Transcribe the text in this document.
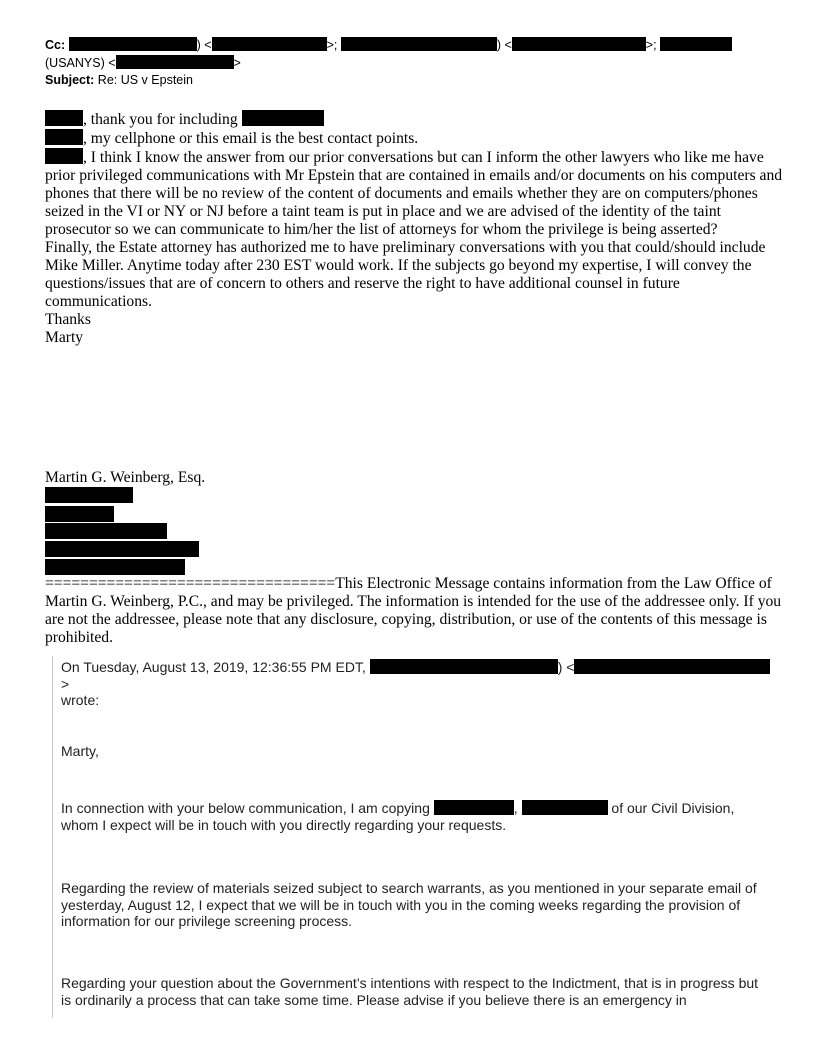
Cc:	) <	>;	) <	>;
(USANYS) <	>
Subject: Re: US v Epstein

, thank you for including

, my cellphone or this email is the best contact points.

, I think I know the answer from our prior conversations but can I inform the other lawyers who like me have prior privileged communications with Mr Epstein that are contained in emails and/or documents on his computers and phones that there will be no review of the content of documents and emails whether they are on computers/phones seized in the VI or NY or NJ before a taint team is put in place and we are advised of the identity of the taint prosecutor so we can communicate to him/her the list of attorneys for whom the privilege is being asserted?

Finally, the Estate attorney has authorized me to have preliminary conversations with you that could/should include Mike Miller. Anytime today after 230 EST would work. If the subjects go beyond my expertise, I will convey the questions/issues that are of concern to others and reserve the right to have additional counsel in future communications.

Thanks

Marty

Martin G. Weinberg, Esq.
=================================This Electronic Message contains information from the Law Office of Martin G. Weinberg, P.C., and may be privileged. The information is intended for the use of the addressee only. If you are not the addressee, please note that any disclosure, copying, distribution, or use of the contents of this message is prohibited.
On Tuesday, August 13, 2019, 12:36:55 PM EDT,	) <>
wrote:
Marty,
In connection with your below communication, I am copying	,	of our Civil Division, whom I expect will be in touch with you directly regarding your requests.
Regarding the review of materials seized subject to search warrants, as you mentioned in your separate email of yesterday, August 12, I expect that we will be in touch with you in the coming weeks regarding the provision of information for our privilege screening process.
Regarding your question about the Government’s intentions with respect to the Indictment, that is in progress but is ordinarily a process that can take some time. Please advise if you believe there is an emergency in
